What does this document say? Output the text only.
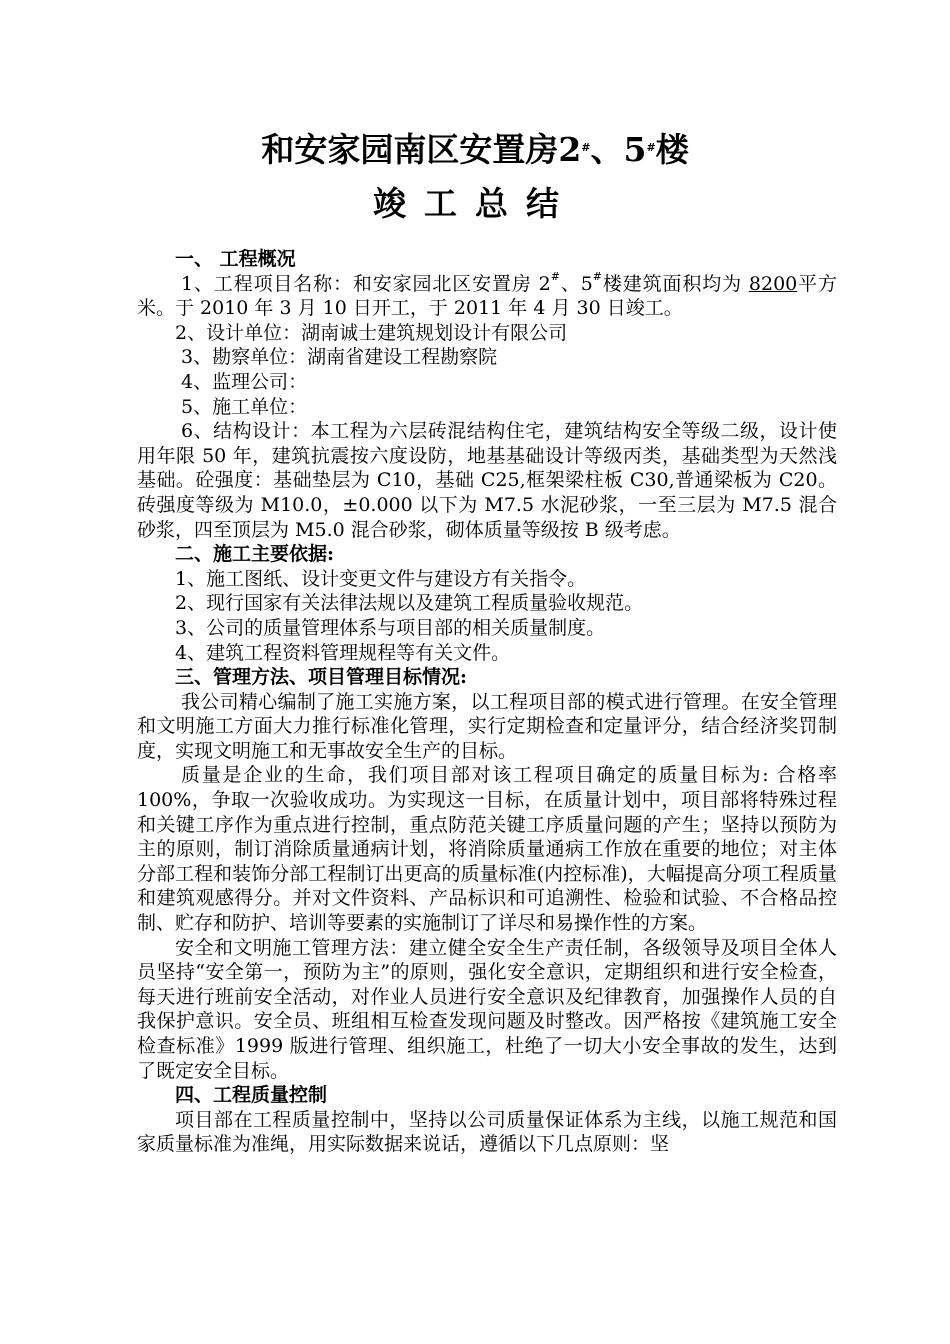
和安家园南区安置房2#、5#楼
竣工总结

一、 工程概况

1、工程项目名称：和安家园北区安置房 2#、5#楼建筑面积均为 8200平方米。于 2010 年 3 月 10 日开工，于 2011 年 4 月 30 日竣工。

2、设计单位：湖南诚士建筑规划设计有限公司

3、勘察单位：湖南省建设工程勘察院

4、监理公司：

5、施工单位：

6、结构设计：本工程为六层砖混结构住宅，建筑结构安全等级二级，设计使用年限 50 年，建筑抗震按六度设防，地基基础设计等级丙类，基础类型为天然浅基础。砼强度：基础垫层为 C10，基础 C25,框架梁柱板 C30,普通梁板为 C20。砖强度等级为 M10.0，±0.000 以下为 M7.5 水泥砂浆，一至三层为 M7.5 混合砂浆，四至顶层为 M5.0 混合砂浆，砌体质量等级按 B 级考虑。

二、施工主要依据:

1、施工图纸、设计变更文件与建设方有关指令。

2、现行国家有关法律法规以及建筑工程质量验收规范。

3、公司的质量管理体系与项目部的相关质量制度。

4、建筑工程资料管理规程等有关文件。

三、管理方法、项目管理目标情况:

我公司精心编制了施工实施方案，以工程项目部的模式进行管理。在安全管理和文明施工方面大力推行标准化管理，实行定期检查和定量评分，结合经济奖罚制度，实现文明施工和无事故安全生产的目标。

质量是企业的生命，我们项目部对该工程项目确定的质量目标为: 合格率 100%，争取一次验收成功。为实现这一目标，在质量计划中，项目部将特殊过程和关键工序作为重点进行控制，重点防范关键工序质量问题的产生；坚持以预防为主的原则，制订消除质量通病计划，将消除质量通病工作放在重要的地位；对主体分部工程和装饰分部工程制订出更高的质量标准(内控标准)，大幅提高分项工程质量和建筑观感得分。并对文件资料、产品标识和可追溯性、检验和试验、不合格品控制、贮存和防护、培训等要素的实施制订了详尽和易操作性的方案。

安全和文明施工管理方法：建立健全安全生产责任制，各级领导及项目全体人员坚持“安全第一，预防为主”的原则，强化安全意识，定期组织和进行安全检查，每天进行班前安全活动，对作业人员进行安全意识及纪律教育，加强操作人员的自我保护意识。安全员、班组相互检查发现问题及时整改。因严格按《建筑施工安全检查标准》1999 版进行管理、组织施工，杜绝了一切大小安全事故的发生，达到了既定安全目标。

四、工程质量控制

项目部在工程质量控制中，坚持以公司质量保证体系为主线，以施工规范和国家质量标准为准绳，用实际数据来说话，遵循以下几点原则：坚
